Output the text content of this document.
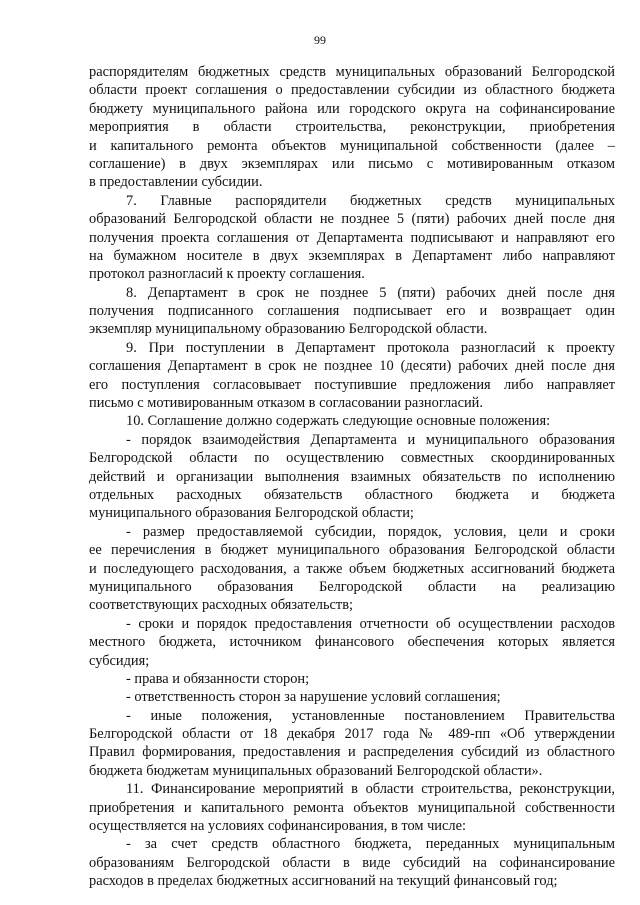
99
распорядителям бюджетных средств муниципальных образований Белгородской
области проект соглашения о предоставлении субсидии из областного бюджета
бюджету муниципального района или городского округа на софинансирование
мероприятия в области строительства, реконструкции, приобретения
и капитального ремонта объектов муниципальной собственности (далее –
соглашение) в двух экземплярах или письмо с мотивированным отказом
в предоставлении субсидии.
7. Главные распорядители бюджетных средств муниципальных
образований Белгородской области не позднее 5 (пяти) рабочих дней после дня
получения проекта соглашения от Департамента подписывают и направляют его
на бумажном носителе в двух экземплярах в Департамент либо направляют
протокол разногласий к проекту соглашения.
8. Департамент в срок не позднее 5 (пяти) рабочих дней после дня
получения подписанного соглашения подписывает его и возвращает один
экземпляр муниципальному образованию Белгородской области.
9. При поступлении в Департамент протокола разногласий к проекту
соглашения Департамент в срок не позднее 10 (десяти) рабочих дней после дня
его поступления согласовывает поступившие предложения либо направляет
письмо с мотивированным отказом в согласовании разногласий.
10. Соглашение должно содержать следующие основные положения:
- порядок взаимодействия Департамента и муниципального образования
Белгородской области по осуществлению совместных скоординированных
действий и организации выполнения взаимных обязательств по исполнению
отдельных расходных обязательств областного бюджета и бюджета
муниципального образования Белгородской области;
- размер предоставляемой субсидии, порядок, условия, цели и сроки
ее перечисления в бюджет муниципального образования Белгородской области
и последующего расходования, а также объем бюджетных ассигнований бюджета
муниципального образования Белгородской области на реализацию
соответствующих расходных обязательств;
- сроки и порядок предоставления отчетности об осуществлении расходов
местного бюджета, источником финансового обеспечения которых является
субсидия;
- права и обязанности сторон;
- ответственность сторон за нарушение условий соглашения;
- иные положения, установленные постановлением Правительства
Белгородской области от 18 декабря 2017 года № 489-пп «Об утверждении
Правил формирования, предоставления и распределения субсидий из областного
бюджета бюджетам муниципальных образований Белгородской области».
11. Финансирование мероприятий в области строительства, реконструкции,
приобретения и капитального ремонта объектов муниципальной собственности
осуществляется на условиях софинансирования, в том числе:
- за счет средств областного бюджета, переданных муниципальным
образованиям Белгородской области в виде субсидий на софинансирование
расходов в пределах бюджетных ассигнований на текущий финансовый год;
